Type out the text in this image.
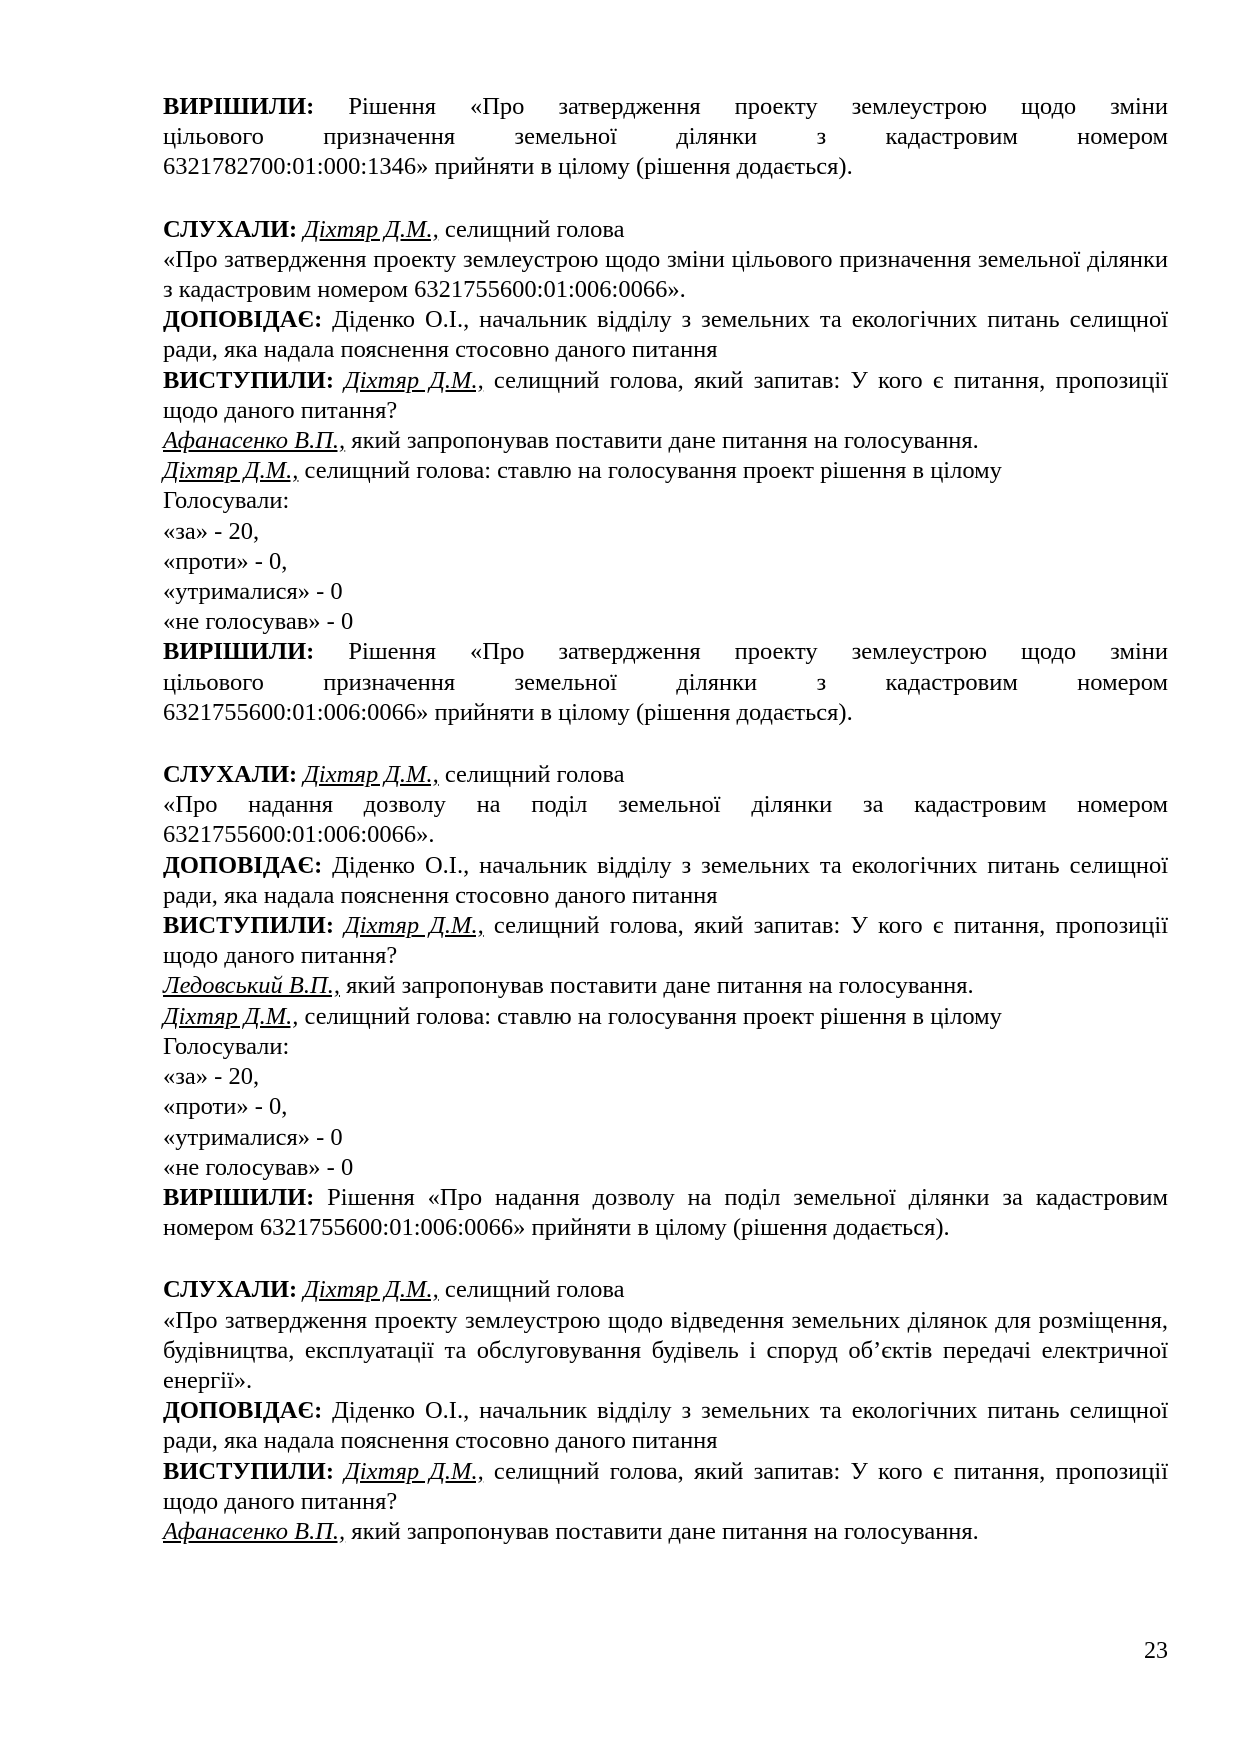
ВИРІШИЛИ: Рішення «Про затвердження проекту землеустрою щодо зміни

цільового призначення земельної ділянки з кадастровим номером

6321782700:01:000:1346» прийняти в цілому (рішення додається).

СЛУХАЛИ: Діхтяр Д.М., селищний голова

«Про затвердження проекту землеустрою щодо зміни цільового призначення земельної ділянки з кадастровим номером 6321755600:01:006:0066».

ДОПОВІДАЄ: Діденко О.І., начальник відділу з земельних та екологічних питань селищної ради, яка надала пояснення стосовно даного питання

ВИСТУПИЛИ: Діхтяр Д.М., селищний голова, який запитав: У кого є питання, пропозиції щодо даного питання?

Афанасенко В.П., який запропонував поставити дане питання на голосування.

Діхтяр Д.М., селищний голова: ставлю на голосування проект рішення в цілому

Голосували:

«за» - 20,

«проти» - 0,

«утрималися» - 0

«не голосував» - 0

ВИРІШИЛИ: Рішення «Про затвердження проекту землеустрою щодо зміни

цільового призначення земельної ділянки з кадастровим номером

6321755600:01:006:0066» прийняти в цілому (рішення додається).

СЛУХАЛИ: Діхтяр Д.М., селищний голова

«Про надання дозволу на поділ земельної ділянки за кадастровим номером 6321755600:01:006:0066».

ДОПОВІДАЄ: Діденко О.І., начальник відділу з земельних та екологічних питань селищної ради, яка надала пояснення стосовно даного питання

ВИСТУПИЛИ: Діхтяр Д.М., селищний голова, який запитав: У кого є питання, пропозиції щодо даного питання?

Ледовський В.П., який запропонував поставити дане питання на голосування.

Діхтяр Д.М., селищний голова: ставлю на голосування проект рішення в цілому

Голосували:

«за» - 20,

«проти» - 0,

«утрималися» - 0

«не голосував» - 0

ВИРІШИЛИ: Рішення «Про надання дозволу на поділ земельної ділянки за кадастровим номером 6321755600:01:006:0066» прийняти в цілому (рішення додається).

СЛУХАЛИ: Діхтяр Д.М., селищний голова

«Про затвердження проекту землеустрою щодо відведення земельних ділянок для розміщення, будівництва, експлуатації та обслуговування будівель і споруд об’єктів передачі електричної енергії».

ДОПОВІДАЄ: Діденко О.І., начальник відділу з земельних та екологічних питань селищної ради, яка надала пояснення стосовно даного питання

ВИСТУПИЛИ: Діхтяр Д.М., селищний голова, який запитав: У кого є питання, пропозиції щодо даного питання?

Афанасенко В.П., який запропонував поставити дане питання на голосування.

23
